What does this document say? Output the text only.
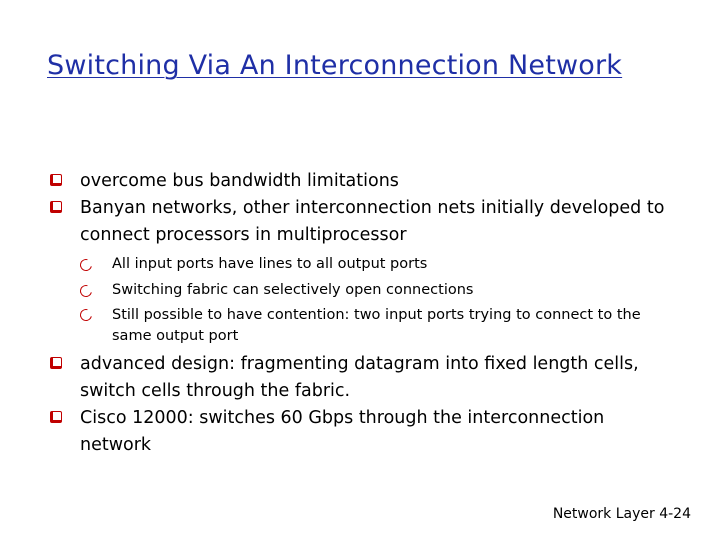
Switching Via An Interconnection Network
overcome bus bandwidth limitations
Banyan networks, other interconnection nets initially developed to connect processors in multiprocessor
All input ports have lines to all output ports
Switching fabric can selectively open connections
Still possible to have contention: two input ports trying to connect to the same output port
advanced design: fragmenting datagram into fixed length cells, switch cells through the fabric.
Cisco 12000: switches 60 Gbps through the interconnection network
Network Layer 4-24
